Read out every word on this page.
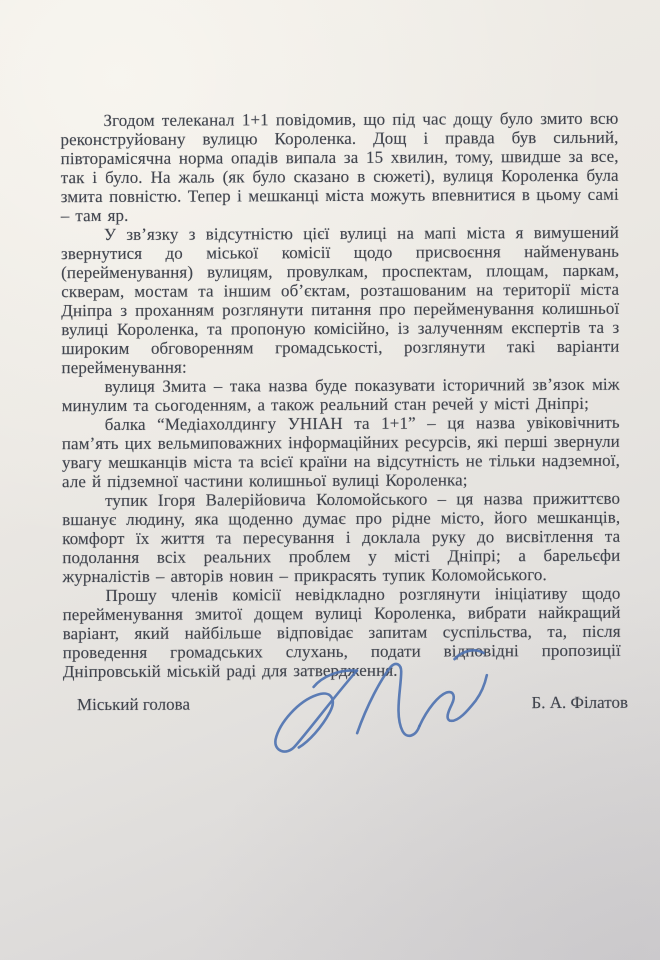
Згодом телеканал 1+1 повідомив, що під час дощу було змито всю реконструйовану вулицю Короленка. Дощ і правда був сильний, півторамісячна норма опадів випала за 15 хвилин, тому, швидше за все, так і було. На жаль (як було сказано в сюжеті), вулиця Короленка була змита повністю. Тепер і мешканці міста можуть впевнитися в цьому самі – там яр.

У зв’язку з відсутністю цієї вулиці на мапі міста я вимушений звернутися до міської комісії щодо присвоєння найменувань (перейменування) вулицям, провулкам, проспектам, площам, паркам, скверам, мостам та іншим об’єктам, розташованим на території міста Дніпра з проханням розглянути питання про перейменування колишньої вулиці Короленка, та пропоную комісійно, із залученням експертів та з широким обговоренням громадськості, розглянути такі варіанти перейменування:

вулиця Змита – така назва буде показувати історичний зв’язок між минулим та сьогоденням, а також реальний стан речей у місті Дніпрі;

балка “Медіахолдингу УНІАН та 1+1” – ця назва увіковічнить пам’ять цих вельмиповажних інформаційних ресурсів, які перші звернули увагу мешканців міста та всієї країни на відсутність не тільки надземної, але й підземної частини колишньої вулиці Короленка;

тупик Ігоря Валерійовича Коломойського – ця назва прижиттєво вшанує людину, яка щоденно думає про рідне місто, його мешканців, комфорт їх життя та пересування і доклала руку до висвітлення та подолання всіх реальних проблем у місті Дніпрі; а барельєфи журналістів – авторів новин – прикрасять тупик Коломойського.

Прошу членів комісії невідкладно розглянути ініціативу щодо перейменування змитої дощем вулиці Короленка, вибрати найкращий варіант, який найбільше відповідає запитам суспільства, та, після проведення громадських слухань, подати відповідні пропозиції Дніпровській міській раді для затвердження.

Міський голова	Б. А. Філатов
